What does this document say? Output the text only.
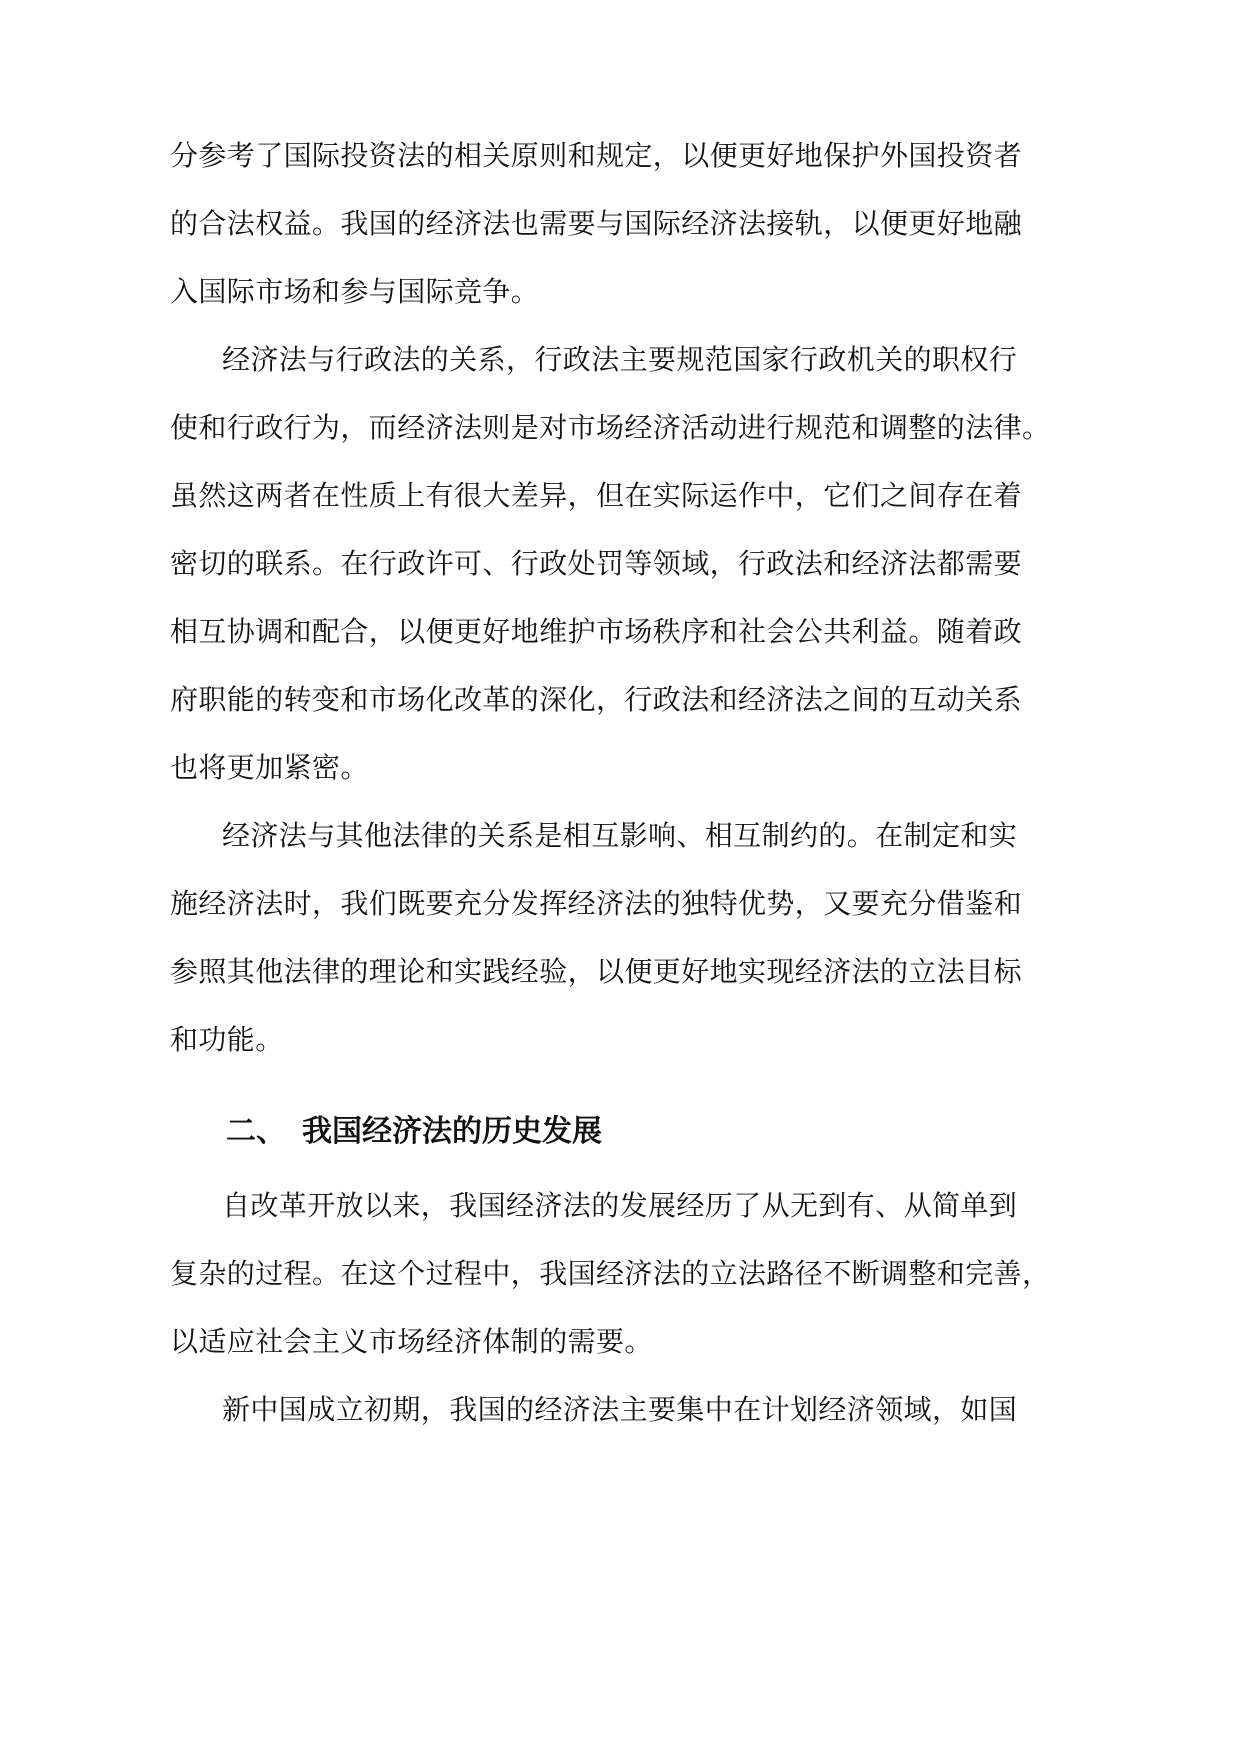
分参考了国际投资法的相关原则和规定，以便更好地保护外国投资者
的合法权益。我国的经济法也需要与国际经济法接轨，以便更好地融
入国际市场和参与国际竞争。
经济法与行政法的关系，行政法主要规范国家行政机关的职权行
使和行政行为，而经济法则是对市场经济活动进行规范和调整的法律。
虽然这两者在性质上有很大差异，但在实际运作中，它们之间存在着
密切的联系。在行政许可、行政处罚等领域，行政法和经济法都需要
相互协调和配合，以便更好地维护市场秩序和社会公共利益。随着政
府职能的转变和市场化改革的深化，行政法和经济法之间的互动关系
也将更加紧密。
经济法与其他法律的关系是相互影响、相互制约的。在制定和实
施经济法时，我们既要充分发挥经济法的独特优势，又要充分借鉴和
参照其他法律的理论和实践经验，以便更好地实现经济法的立法目标
和功能。
二、 我国经济法的历史发展
自改革开放以来，我国经济法的发展经历了从无到有、从简单到
复杂的过程。在这个过程中，我国经济法的立法路径不断调整和完善，
以适应社会主义市场经济体制的需要。
新中国成立初期，我国的经济法主要集中在计划经济领域，如国
